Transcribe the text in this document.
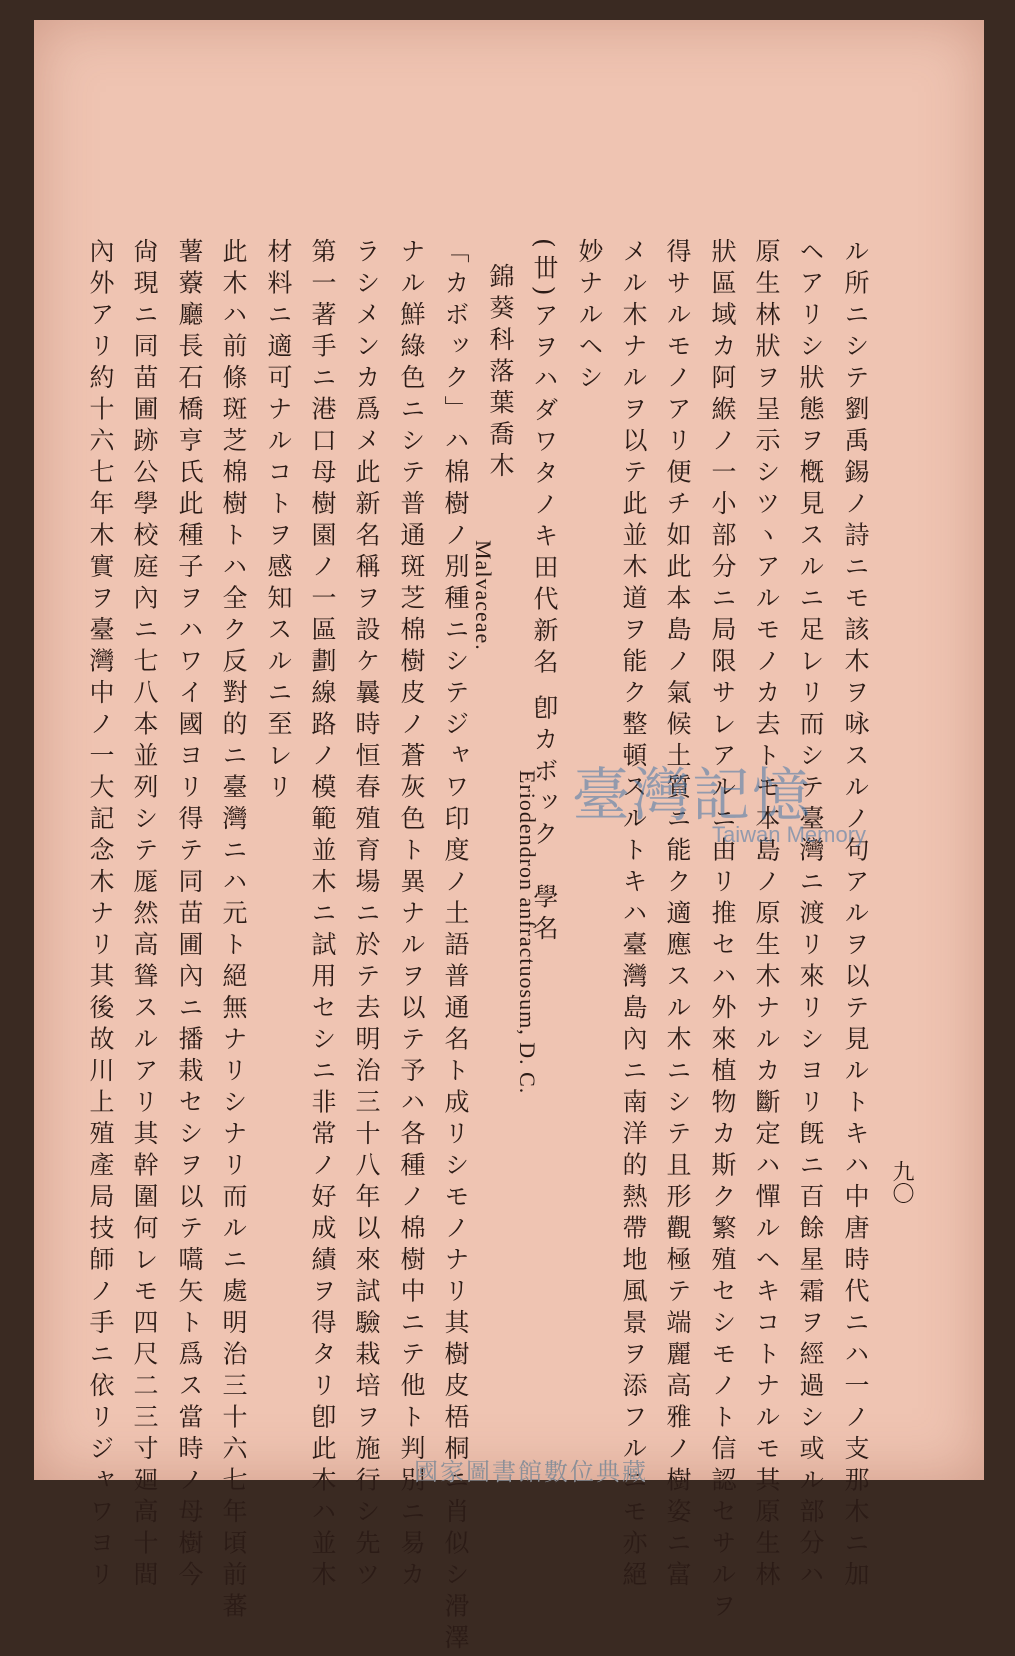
九〇
ル所ニシテ劉禹錫ノ詩ニモ該木ヲ咏スルノ句アルヲ以テ見ルトキハ中唐時代ニハ一ノ支那木ニ加
ヘアリシ狀態ヲ槪見スルニ足レリ而シテ臺灣ニ渡リ來リシヨリ旣ニ百餘星霜ヲ經過シ或ル部分ハ
原生林狀ヲ呈示シツヽアルモノカ去トモ本島ノ原生木ナルカ斷定ハ憚ルヘキコトナルモ其原生林
狀區域カ阿緱ノ一小部分ニ局限サレアルニ由リ推セハ外來植物カ斯ク繁殖セシモノト信認セサルヲ
得サルモノアリ便チ如此本島ノ氣候土質ニ能ク適應スル木ニシテ且形觀極テ端麗高雅ノ樹姿ニ富
メル木ナルヲ以テ此並木道ヲ能ク整頓スルトキハ臺灣島內ニ南洋的熱帶地風景ヲ添フルニモ亦絕
妙ナルヘシ
(丗)アヲハダワタノキ田代新名 卽カボック　學名
錦葵科落葉喬木
「カボック」ハ棉樹ノ別種ニシテジャワ印度ノ土語普通名ト成リシモノナリ其樹皮梧桐ニ肖似シ滑澤
ナル鮮綠色ニシテ普通斑芝棉樹皮ノ蒼灰色ト異ナルヲ以テ予ハ各種ノ棉樹中ニテ他ト判別ニ易カ
ラシメンカ爲メ此新名稱ヲ設ケ曩時恒春殖育場ニ於テ去明治三十八年以來試驗栽培ヲ施行シ先ツ
第一著手ニ港口母樹園ノ一區劃線路ノ模範並木ニ試用セシニ非常ノ好成績ヲ得タリ卽此木ハ並木
材料ニ適可ナルコトヲ感知スルニ至レリ
此木ハ前條斑芝棉樹トハ全ク反對的ニ臺灣ニハ元ト絕無ナリシナリ而ルニ處明治三十六七年頃前蕃
薯藔廳長石橋亨氏此種子ヲハワイ國ヨリ得テ同苗圃內ニ播栽セシヲ以テ嚆矢ト爲ス當時ノ母樹今
尙現ニ同苗圃跡公學校庭內ニ七八本並列シテ厖然高聳スルアリ其幹圍何レモ四尺二三寸廻高十間
內外アリ約十六七年木實ヲ臺灣中ノ一大記念木ナリ其後故川上殖產局技師ノ手ニ依リジャワヨリ	Malvaceae.
Eriodendron anfractuosum, D. C. 臺灣記憶
Taiwan Memory
國家圖書館數位典藏
